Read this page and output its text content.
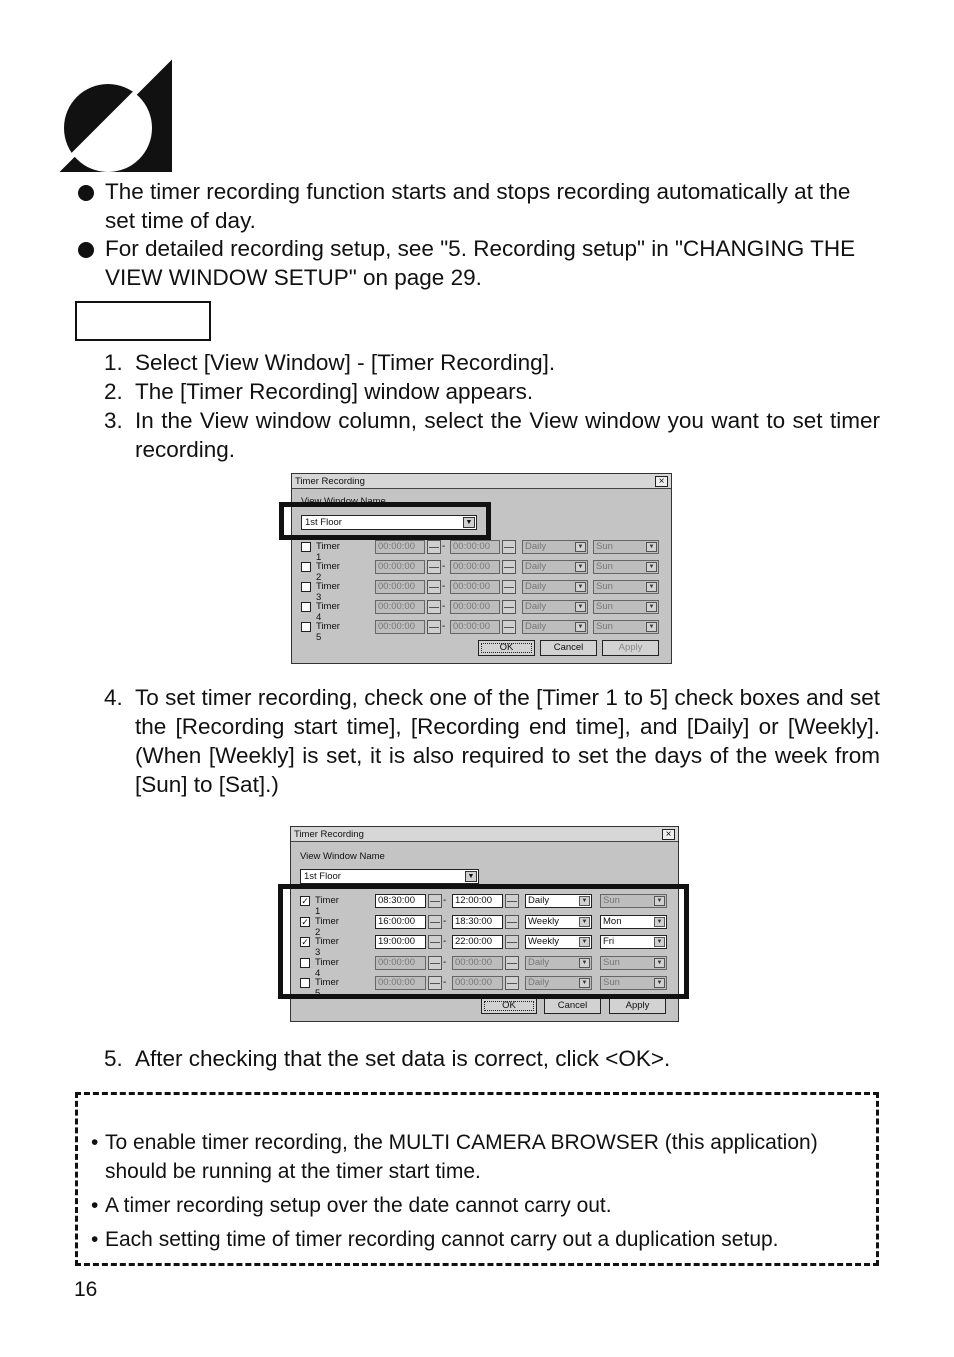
The timer recording function starts and stops recording automatically at the set time of day.
For detailed recording setup, see "5. Recording setup" in "CHANGING THE VIEW WINDOW SETUP" on page 29.
1. Select [View Window] - [Timer Recording].
2. The [Timer Recording] window appears.
3. In the View window column, select the View window you want to set timer recording.
Timer Recording	×
View Window Name
1st Floor	▼
Timer 1
00:00:00	- 00:00:00	Daily	▼	Sun	▼
Timer 2
00:00:00	- 00:00:00	Daily	▼	Sun	▼
Timer 3
00:00:00	- 00:00:00	Daily	▼	Sun	▼
Timer 4
00:00:00	- 00:00:00	Daily	▼	Sun	▼
Timer 5
00:00:00	- 00:00:00	Daily	▼	Sun	▼
OK	Cancel	Apply
4. To set timer recording, check one of the [Timer 1 to 5] check boxes and set the [Recording start time], [Recording end time], and [Daily] or [Weekly]. (When [Weekly] is set, it is also required to set the days of the week from [Sun] to [Sat].)
Timer Recording	×
View Window Name
1st Floor	▼
✓ Timer 1
08:30:00	- 12:00:00	Daily	▼	Sun	▼
✓ Timer 2
16:00:00	- 18:30:00	Weekly	▼	Mon	▼
✓ Timer 3
19:00:00	- 22:00:00	Weekly	▼	Fri	▼
Timer 4
00:00:00	- 00:00:00	Daily	▼	Sun	▼
Timer 5
00:00:00	- 00:00:00	Daily	▼	Sun	▼
OK	Cancel	Apply
5. After checking that the set data is correct, click <OK>.
• To enable timer recording, the MULTI CAMERA BROWSER (this application) should be running at the timer start time.
• A timer recording setup over the date cannot carry out.
• Each setting time of timer recording cannot carry out a duplication setup.
16
